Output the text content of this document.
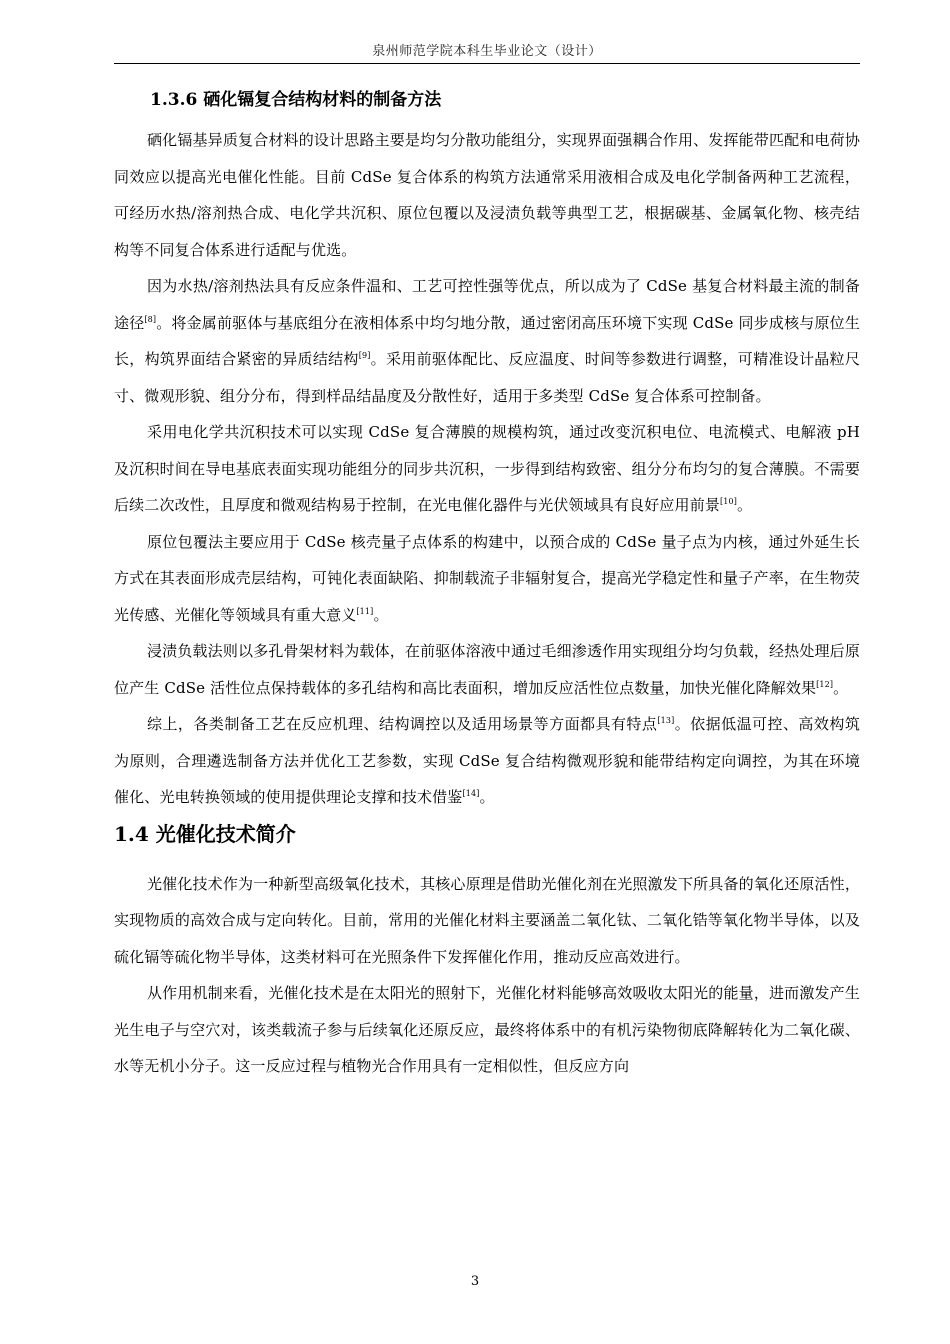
泉州师范学院本科生毕业论文（设计）
1.3.6 硒化镉复合结构材料的制备方法

硒化镉基异质复合材料的设计思路主要是均匀分散功能组分，实现界面强耦合作用、发挥能带匹配和电荷协同效应以提高光电催化性能。目前 CdSe 复合体系的构筑方法通常采用液相合成及电化学制备两种工艺流程，可经历水热/溶剂热合成、电化学共沉积、原位包覆以及浸渍负载等典型工艺，根据碳基、金属氧化物、核壳结构等不同复合体系进行适配与优选。

因为水热/溶剂热法具有反应条件温和、工艺可控性强等优点，所以成为了 CdSe 基复合材料最主流的制备途径[8]。将金属前驱体与基底组分在液相体系中均匀地分散，通过密闭高压环境下实现 CdSe 同步成核与原位生长，构筑界面结合紧密的异质结结构[9]。采用前驱体配比、反应温度、时间等参数进行调整，可精准设计晶粒尺寸、微观形貌、组分分布，得到样品结晶度及分散性好，适用于多类型 CdSe 复合体系可控制备。

采用电化学共沉积技术可以实现 CdSe 复合薄膜的规模构筑，通过改变沉积电位、电流模式、电解液 pH 及沉积时间在导电基底表面实现功能组分的同步共沉积，一步得到结构致密、组分分布均匀的复合薄膜。不需要后续二次改性，且厚度和微观结构易于控制，在光电催化器件与光伏领域具有良好应用前景[10]。

原位包覆法主要应用于 CdSe 核壳量子点体系的构建中，以预合成的 CdSe 量子点为内核，通过外延生长方式在其表面形成壳层结构，可钝化表面缺陷、抑制载流子非辐射复合，提高光学稳定性和量子产率，在生物荧光传感、光催化等领域具有重大意义[11]。

浸渍负载法则以多孔骨架材料为载体，在前驱体溶液中通过毛细渗透作用实现组分均匀负载，经热处理后原位产生 CdSe 活性位点保持载体的多孔结构和高比表面积，增加反应活性位点数量，加快光催化降解效果[12]。

综上，各类制备工艺在反应机理、结构调控以及适用场景等方面都具有特点[13]。依据低温可控、高效构筑为原则，合理遴选制备方法并优化工艺参数，实现 CdSe 复合结构微观形貌和能带结构定向调控，为其在环境催化、光电转换领域的使用提供理论支撑和技术借鉴[14]。

1.4 光催化技术简介

光催化技术作为一种新型高级氧化技术，其核心原理是借助光催化剂在光照激发下所具备的氧化还原活性，实现物质的高效合成与定向转化。目前，常用的光催化材料主要涵盖二氧化钛、二氧化锆等氧化物半导体，以及硫化镉等硫化物半导体，这类材料可在光照条件下发挥催化作用，推动反应高效进行。

从作用机制来看，光催化技术是在太阳光的照射下，光催化材料能够高效吸收太阳光的能量，进而激发产生光生电子与空穴对，该类载流子参与后续氧化还原反应，最终将体系中的有机污染物彻底降解转化为二氧化碳、水等无机小分子。这一反应过程与植物光合作用具有一定相似性，但反应方向

3
